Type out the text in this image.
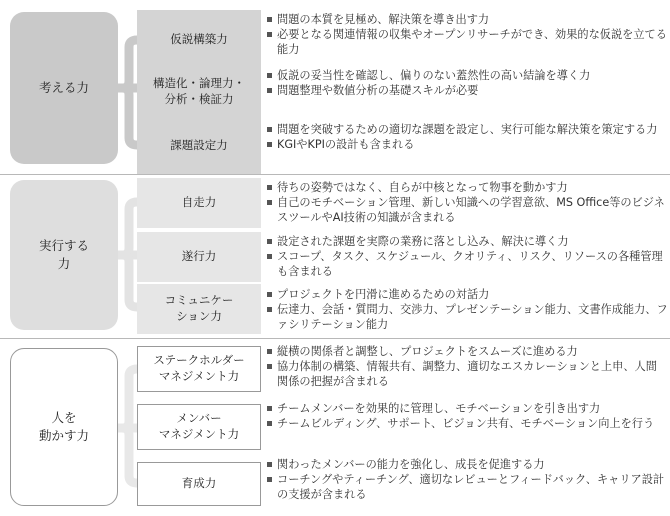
考える力
仮説構築力
問題の本質を見極め、解決策を導き出す力
必要となる関連情報の収集やオープンリサーチができ、効果的な仮説を立てる能力
構造化・論理力・
分析・検証力
仮説の妥当性を確認し、偏りのない蓋然性の高い結論を導く力
問題整理や数値分析の基礎スキルが必要
課題設定力
問題を突破するための適切な課題を設定し、実行可能な解決策を策定する力
KGIやKPIの設計も含まれる
実行する
力
自走力
待ちの姿勢ではなく、自らが中核となって物事を動かす力
自己のモチベーション管理、新しい知識への学習意欲、MS Office等のビジネスツールやAI技術の知識が含まれる
遂行力
設定された課題を実際の業務に落とし込み、解決に導く力
スコープ、タスク、スケジュール、クオリティ、リスク、リソースの各種管理も含まれる
コミュニケー
ション力
プロジェクトを円滑に進めるための対話力
伝達力、会話・質問力、交渉力、プレゼンテーション能力、文書作成能力、ファシリテーション能力
人を
動かす力
ステークホルダー
マネジメント力
縦横の関係者と調整し、プロジェクトをスムーズに進める力
協力体制の構築、情報共有、調整力、適切なエスカレーションと上申、人間関係の把握が含まれる
メンバー
マネジメント力
チームメンバーを効果的に管理し、モチベーションを引き出す力
チームビルディング、サポート、ビジョン共有、モチベーション向上を行う
育成力
関わったメンバーの能力を強化し、成長を促進する力
コーチングやティーチング、適切なレビューとフィードバック、キャリア設計の支援が含まれる
